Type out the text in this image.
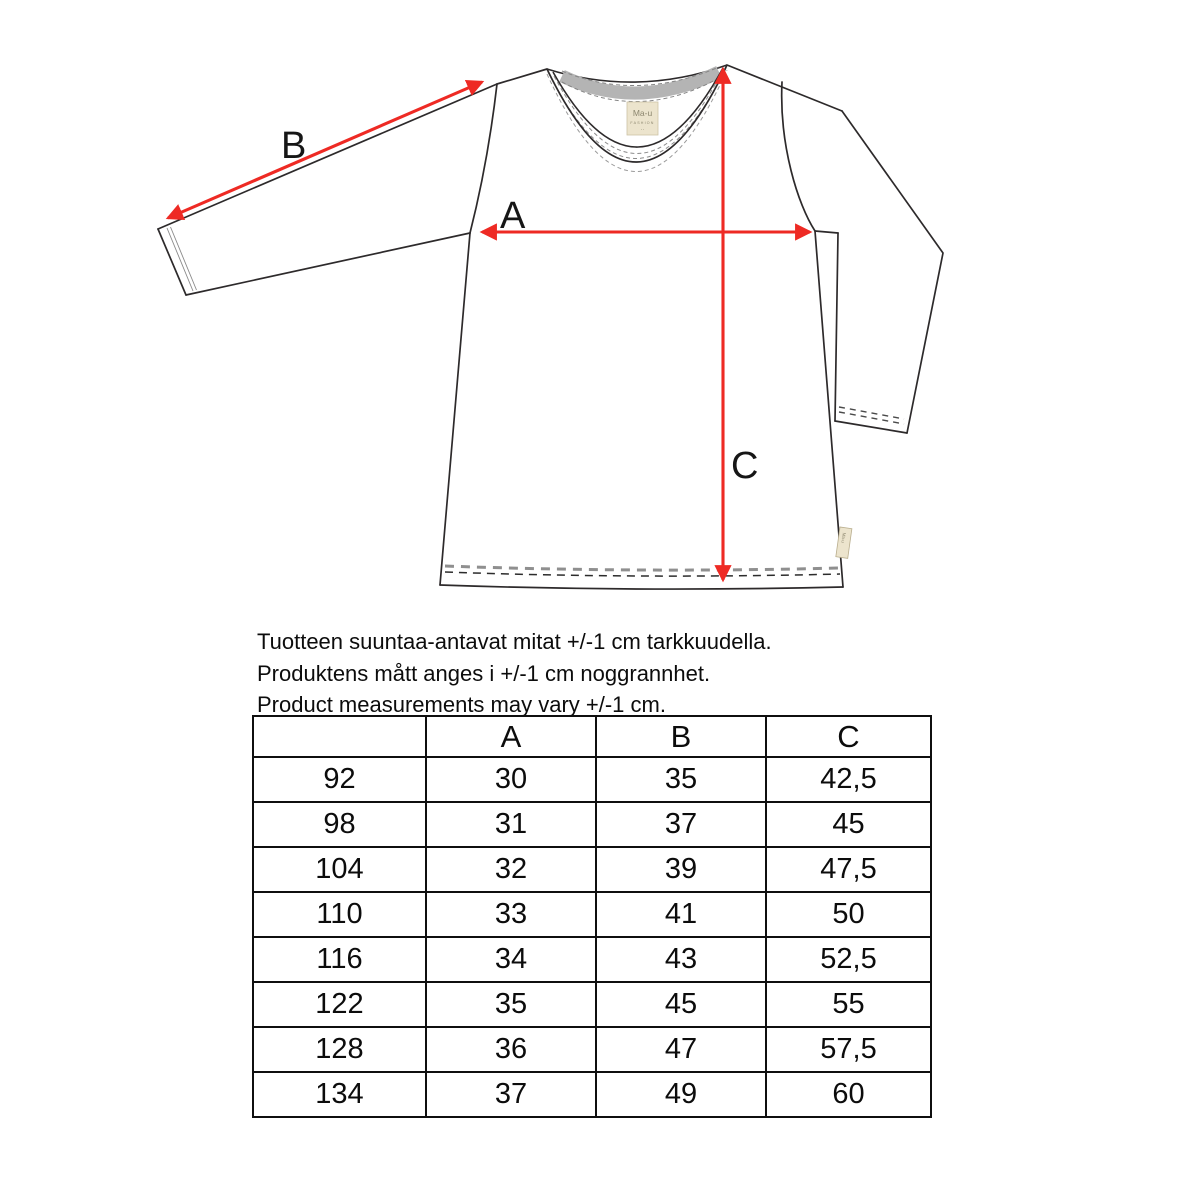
Ma-u
FASHION
··
Ma-u
B
A
C

Tuotteen suuntaa-antavat mitat +/-1 cm tarkkuudella.

Produktens mått anges i +/-1 cm noggrannhet.

Product measurements may vary +/-1 cm.

	A	B	C
92	30	35	42,5
98	31	37	45
104	32	39	47,5
110	33	41	50
116	34	43	52,5
122	35	45	55
128	36	47	57,5
134	37	49	60
